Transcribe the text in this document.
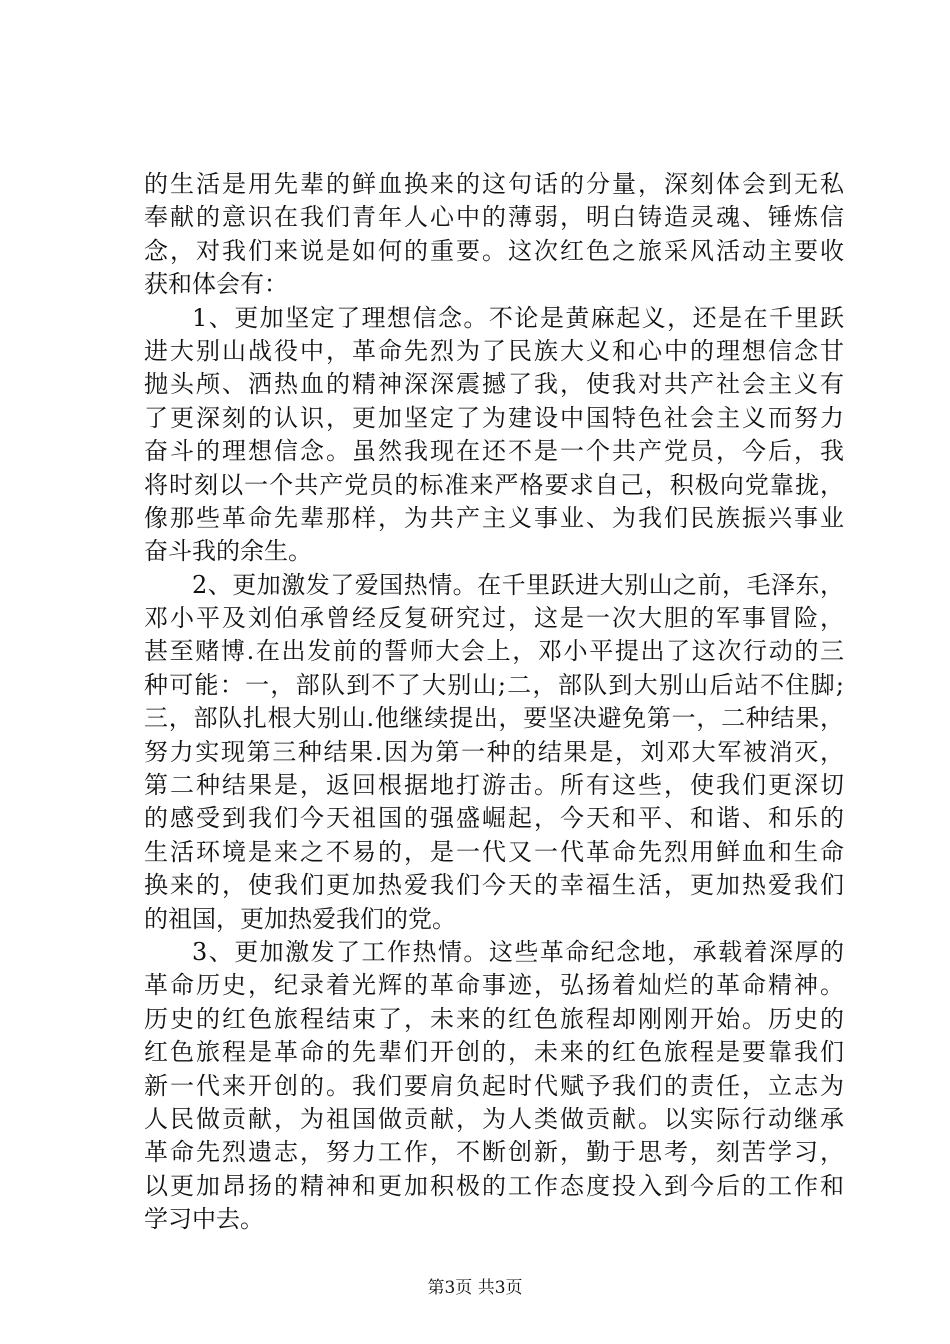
的生活是用先辈的鲜血换来的这句话的分量，深刻体会到无私
奉献的意识在我们青年人心中的薄弱，明白铸造灵魂、锤炼信
念，对我们来说是如何的重要。这次红色之旅采风活动主要收
获和体会有：
1、更加坚定了理想信念。不论是黄麻起义，还是在千里跃
进大别山战役中，革命先烈为了民族大义和心中的理想信念甘
抛头颅、洒热血的精神深深震撼了我，使我对共产社会主义有
了更深刻的认识，更加坚定了为建设中国特色社会主义而努力
奋斗的理想信念。虽然我现在还不是一个共产党员，今后，我
将时刻以一个共产党员的标准来严格要求自己，积极向党靠拢，
像那些革命先辈那样，为共产主义事业、为我们民族振兴事业
奋斗我的余生。
2、更加激发了爱国热情。在千里跃进大别山之前，毛泽东，
邓小平及刘伯承曾经反复研究过，这是一次大胆的军事冒险，
甚至赌博.在出发前的誓师大会上，邓小平提出了这次行动的三
种可能：一，部队到不了大别山;二，部队到大别山后站不住脚;
三，部队扎根大别山.他继续提出，要坚决避免第一，二种结果，
努力实现第三种结果.因为第一种的结果是，刘邓大军被消灭，
第二种结果是，返回根据地打游击。所有这些，使我们更深切
的感受到我们今天祖国的强盛崛起，今天和平、和谐、和乐的
生活环境是来之不易的，是一代又一代革命先烈用鲜血和生命
换来的，使我们更加热爱我们今天的幸福生活，更加热爱我们
的祖国，更加热爱我们的党。
3、更加激发了工作热情。这些革命纪念地，承载着深厚的
革命历史，纪录着光辉的革命事迹，弘扬着灿烂的革命精神。
历史的红色旅程结束了，未来的红色旅程却刚刚开始。历史的
红色旅程是革命的先辈们开创的，未来的红色旅程是要靠我们
新一代来开创的。我们要肩负起时代赋予我们的责任，立志为
人民做贡献，为祖国做贡献，为人类做贡献。以实际行动继承
革命先烈遗志，努力工作，不断创新，勤于思考，刻苦学习，
以更加昂扬的精神和更加积极的工作态度投入到今后的工作和
学习中去。
第3页 共3页
